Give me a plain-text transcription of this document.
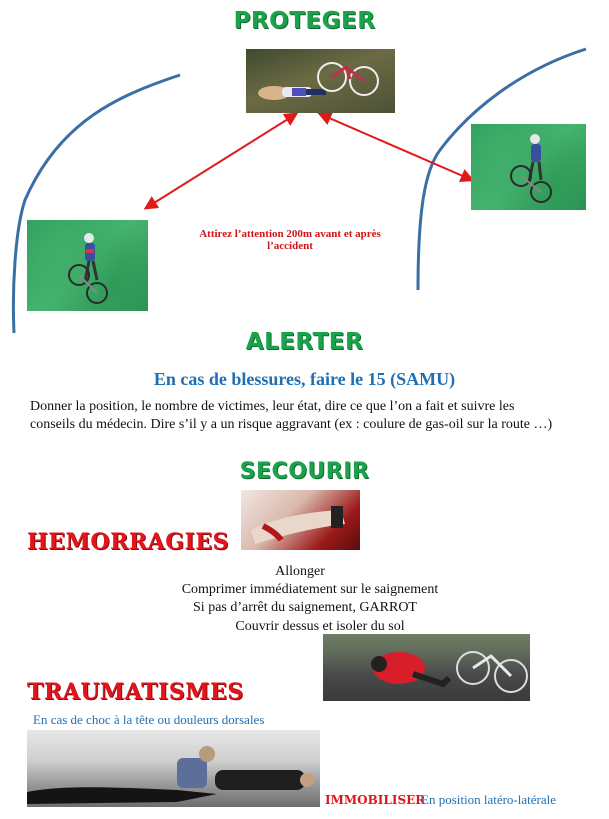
PROTEGER
Attirez l’attention 200m avant et après
l’accident
ALERTER
En cas de blessures, faire le 15 (SAMU)
Donner la position, le nombre de victimes, leur état, dire ce que l’on a fait et suivre les
conseils du médecin. Dire s’il y a un risque aggravant (ex : coulure de gas-oil sur la route …)
SECOURIR
HEMORRAGIES
Allonger
Comprimer immédiatement sur le saignement
Si pas d’arrêt du saignement, GARROT
Couvrir dessus et isoler du sol
TRAUMATISMES
En cas de choc à la tête ou douleurs dorsales
IMMOBILISER
En position latéro-latérale
